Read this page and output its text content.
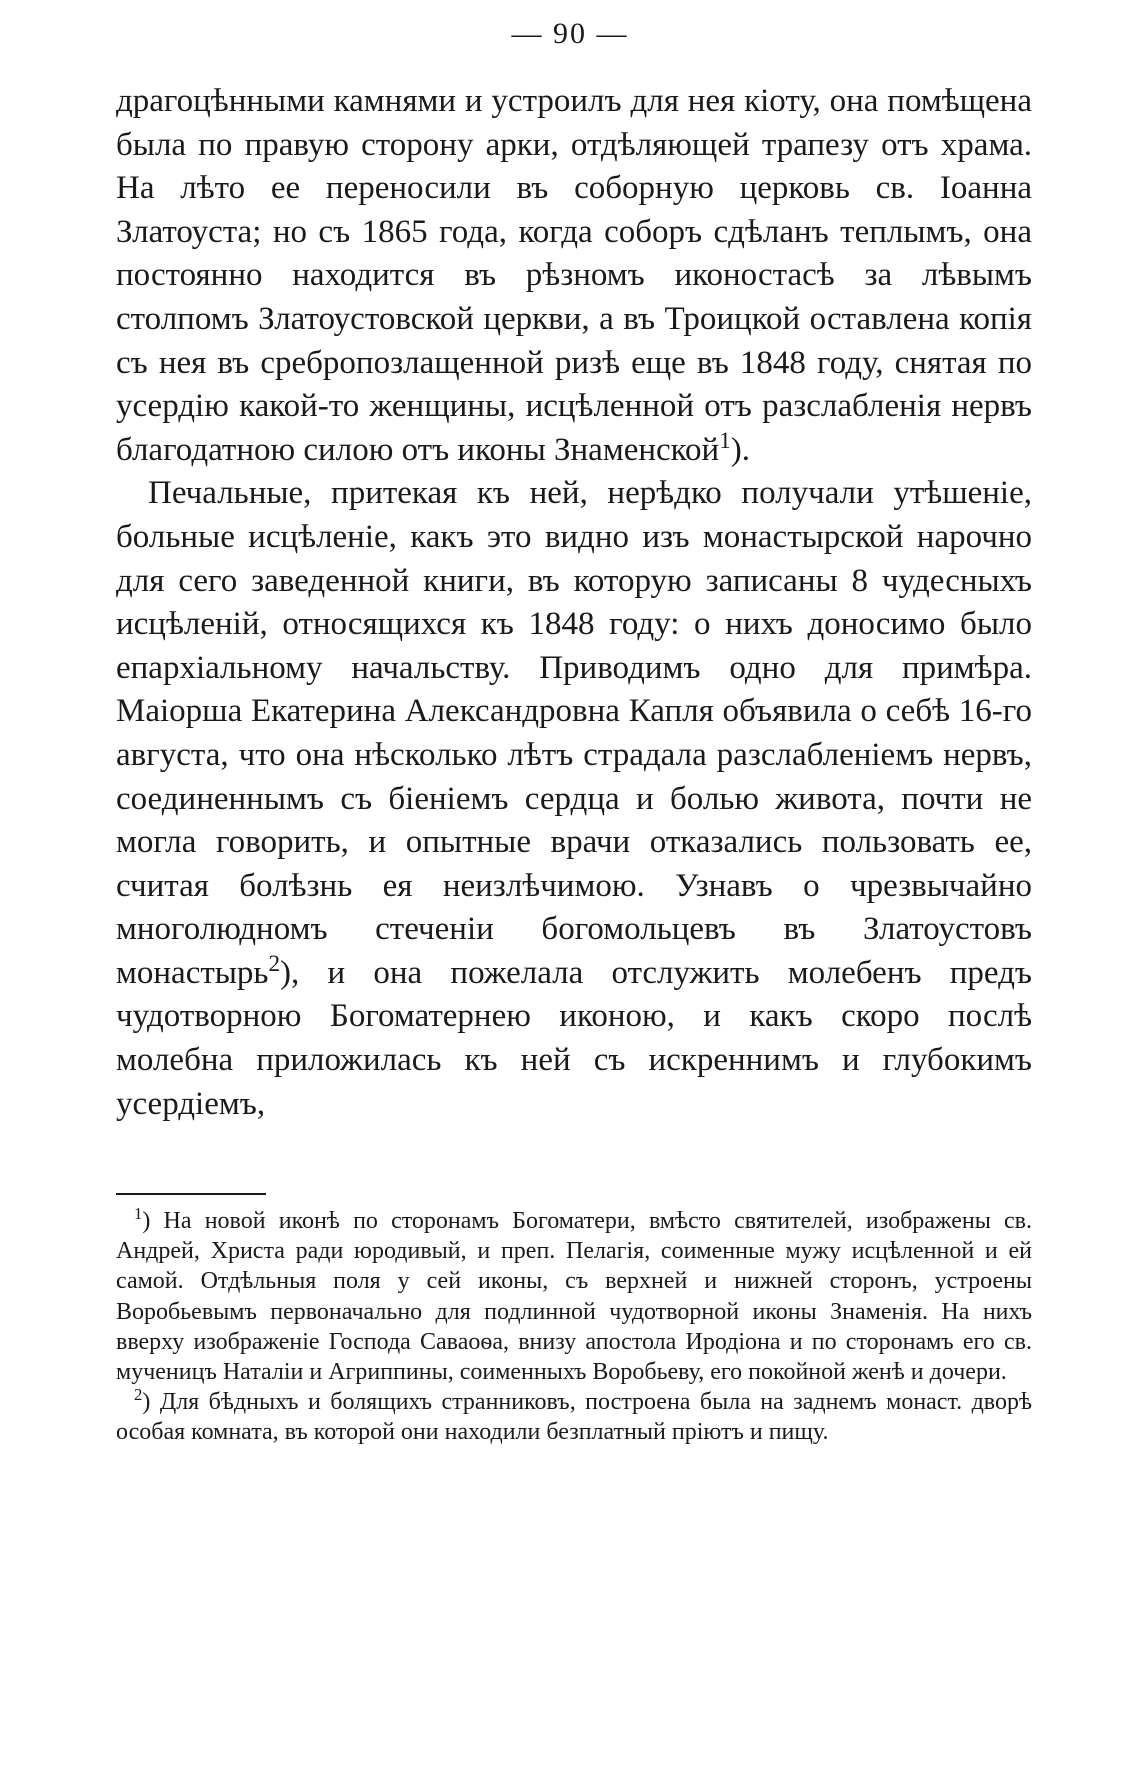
— 90 —

драгоцѣнными камнями и устроилъ для нея кіоту, она помѣщена была по правую сторону арки, отдѣляющей трапезу отъ храма. На лѣто ее переносили въ соборную церковь св. Іоанна Златоуста; но съ 1865 года, когда соборъ сдѣланъ теплымъ, она постоянно находится въ рѣзномъ иконостасѣ за лѣвымъ столпомъ Златоустовской церкви, а въ Троицкой оставлена копія съ нея въ сребропозлащенной ризѣ еще въ 1848 году, снятая по усердію какой-то женщины, исцѣленной отъ разслабленія нервъ благодатною силою отъ иконы Знаменской$^1$).

Печальные, притекая къ ней, нерѣдко получали утѣшеніе, больные исцѣленіе, какъ это видно изъ монастырской нарочно для сего заведенной книги, въ которую записаны 8 чудесныхъ исцѣленій, относящихся къ 1848 году: о нихъ доносимо было епархіальному начальству. Приводимъ одно для примѣра. Маіорша Екатерина Александровна Капля объявила о себѣ 16-го августа, что она нѣсколько лѣтъ страдала разслабленіемъ нервъ, соединеннымъ съ біеніемъ сердца и болью живота, почти не могла говорить, и опытные врачи отказались пользовать ее, считая болѣзнь ея неизлѣчимою. Узнавъ о чрезвычайно многолюдномъ стеченіи богомольцевъ въ Златоустовъ монастырь$^2$), и она пожелала отслужить молебенъ предъ чудотворною Богоматернею иконою, и какъ скоро послѣ молебна приложилась къ ней съ искреннимъ и глубокимъ усердіемъ,

$^1$) На новой иконѣ по сторонамъ Богоматери, вмѣсто святителей, изображены св. Андрей, Христа ради юродивый, и преп. Пелагія, соименные мужу исцѣленной и ей самой. Отдѣльныя поля у сей иконы, съ верхней и нижней сторонъ, устроены Воробьевымъ первоначально для подлинной чудотворной иконы Знаменія. На нихъ вверху изображеніе Господа Саваоѳа, внизу апостола Иродіона и по сторонамъ его св. мученицъ Наталіи и Агриппины, соименныхъ Воробьеву, его покойной женѣ и дочери.

$^2$) Для бѣдныхъ и болящихъ странниковъ, построена была на заднемъ монаст. дворѣ особая комната, въ которой они находили безплатный пріютъ и пищу.
